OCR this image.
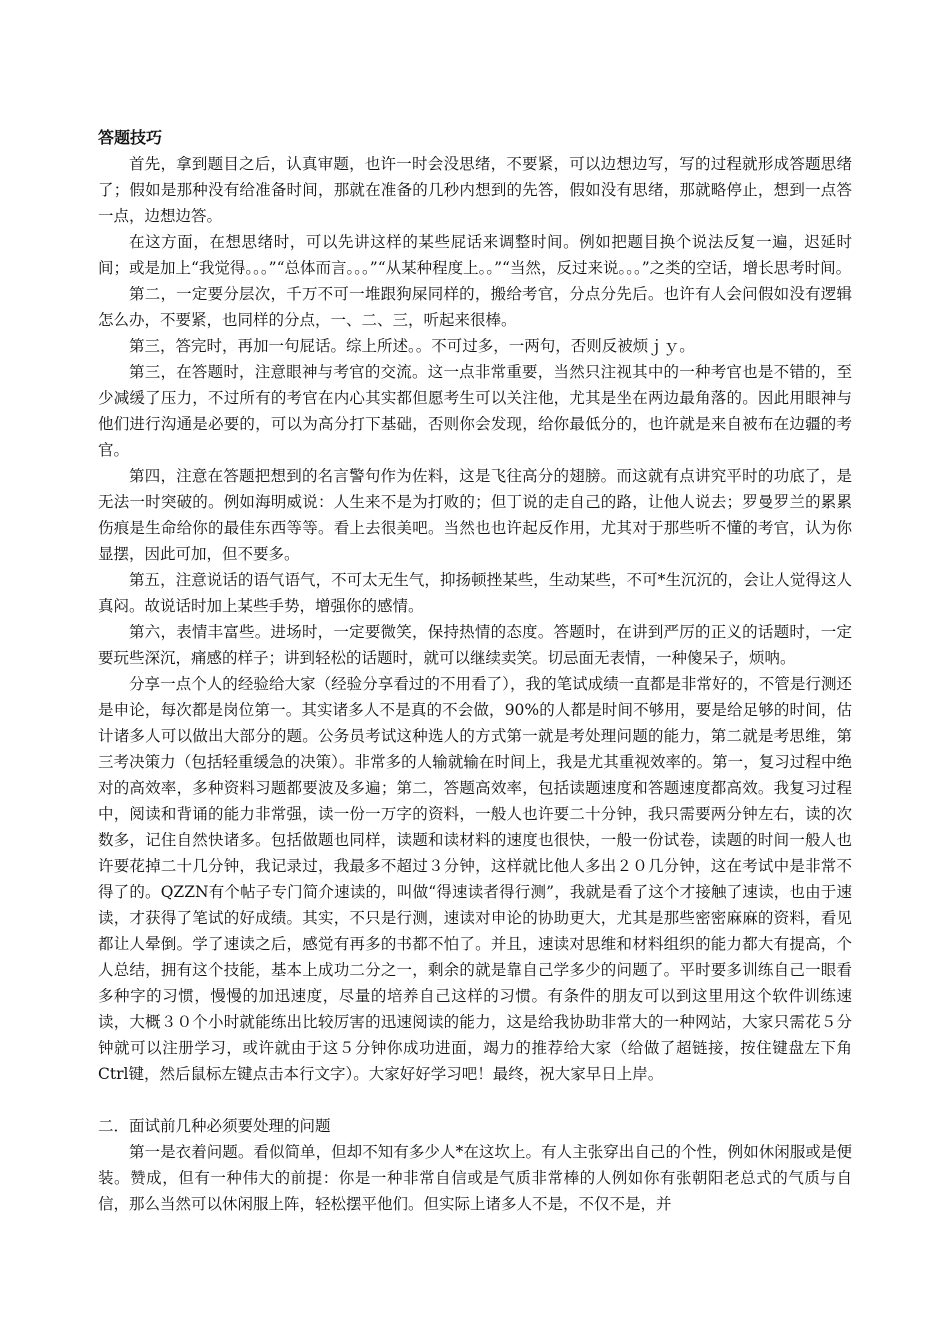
答题技巧

首先，拿到题目之后，认真审题，也许一时会没思绪，不要紧，可以边想边写，写的过程就形成答题思绪了；假如是那种没有给准备时间，那就在准备的几秒内想到的先答，假如没有思绪，那就略停止，想到一点答一点，边想边答。

在这方面，在想思绪时，可以先讲这样的某些屁话来调整时间。例如把题目换个说法反复一遍，迟延时间；或是加上“我觉得。。。”“总体而言。。。”“从某种程度上。。”“当然，反过来说。。。”之类的空话，增长思考时间。

第二，一定要分层次，千万不可一堆跟狗屎同样的，搬给考官，分点分先后。也许有人会问假如没有逻辑怎么办，不要紧，也同样的分点，一、二、三，听起来很棒。

第三，答完时，再加一句屁话。综上所述。。不可过多，一两句，否则反被烦ｊｙ。

第三，在答题时，注意眼神与考官的交流。这一点非常重要，当然只注视其中的一种考官也是不错的，至少减缓了压力，不过所有的考官在内心其实都但愿考生可以关注他，尤其是坐在两边最角落的。因此用眼神与他们进行沟通是必要的，可以为高分打下基础，否则你会发现，给你最低分的，也许就是来自被布在边疆的考官。

第四，注意在答题把想到的名言警句作为佐料，这是飞往高分的翅膀。而这就有点讲究平时的功底了，是无法一时突破的。例如海明威说：人生来不是为打败的；但丁说的走自己的路，让他人说去；罗曼罗兰的累累伤痕是生命给你的最佳东西等等。看上去很美吧。当然也也许起反作用，尤其对于那些听不懂的考官，认为你显摆，因此可加，但不要多。

第五，注意说话的语气语气，不可太无生气，抑扬顿挫某些，生动某些，不可*生沉沉的，会让人觉得这人真闷。故说话时加上某些手势，增强你的感情。

第六，表情丰富些。进场时，一定要微笑，保持热情的态度。答题时，在讲到严厉的正义的话题时，一定要玩些深沉，痛感的样子；讲到轻松的话题时，就可以继续卖笑。切忌面无表情，一种傻呆子，烦呐。

分享一点个人的经验给大家（经验分享看过的不用看了），我的笔试成绩一直都是非常好的，不管是行测还是申论，每次都是岗位第一。其实诸多人不是真的不会做，90%的人都是时间不够用，要是给足够的时间，估计诸多人可以做出大部分的题。公务员考试这种选人的方式第一就是考处理问题的能力，第二就是考思维，第三考决策力（包括轻重缓急的决策）。非常多的人输就输在时间上，我是尤其重视效率的。第一，复习过程中绝对的高效率，多种资料习题都要波及多遍；第二，答题高效率，包括读题速度和答题速度都高效。我复习过程中，阅读和背诵的能力非常强，读一份一万字的资料，一般人也许要二十分钟，我只需要两分钟左右，读的次数多，记住自然快诸多。包括做题也同样，读题和读材料的速度也很快，一般一份试卷，读题的时间一般人也许要花掉二十几分钟，我记录过，我最多不超过３分钟，这样就比他人多出２０几分钟，这在考试中是非常不得了的。QZZN有个帖子专门简介速读的，叫做“得速读者得行测”，我就是看了这个才接触了速读，也由于速读，才获得了笔试的好成绩。其实，不只是行测，速读对申论的协助更大，尤其是那些密密麻麻的资料，看见都让人晕倒。学了速读之后，感觉有再多的书都不怕了。并且，速读对思维和材料组织的能力都大有提高，个人总结，拥有这个技能，基本上成功二分之一，剩余的就是靠自己学多少的问题了。平时要多训练自己一眼看多种字的习惯，慢慢的加迅速度，尽量的培养自己这样的习惯。有条件的朋友可以到这里用这个软件训练速读，大概３０个小时就能练出比较厉害的迅速阅读的能力，这是给我协助非常大的一种网站，大家只需花５分钟就可以注册学习，或许就由于这５分钟你成功进面，竭力的推荐给大家（给做了超链接，按住键盘左下角Ctrl键，然后鼠标左键点击本行文字）。大家好好学习吧！最终，祝大家早日上岸。

二．面试前几种必须要处理的问题

第一是衣着问题。看似简单，但却不知有多少人*在这坎上。有人主张穿出自己的个性，例如休闲服或是便装。赞成，但有一种伟大的前提：你是一种非常自信或是气质非常棒的人例如你有张朝阳老总式的气质与自信，那么当然可以休闲服上阵，轻松摆平他们。但实际上诸多人不是，不仅不是，并
